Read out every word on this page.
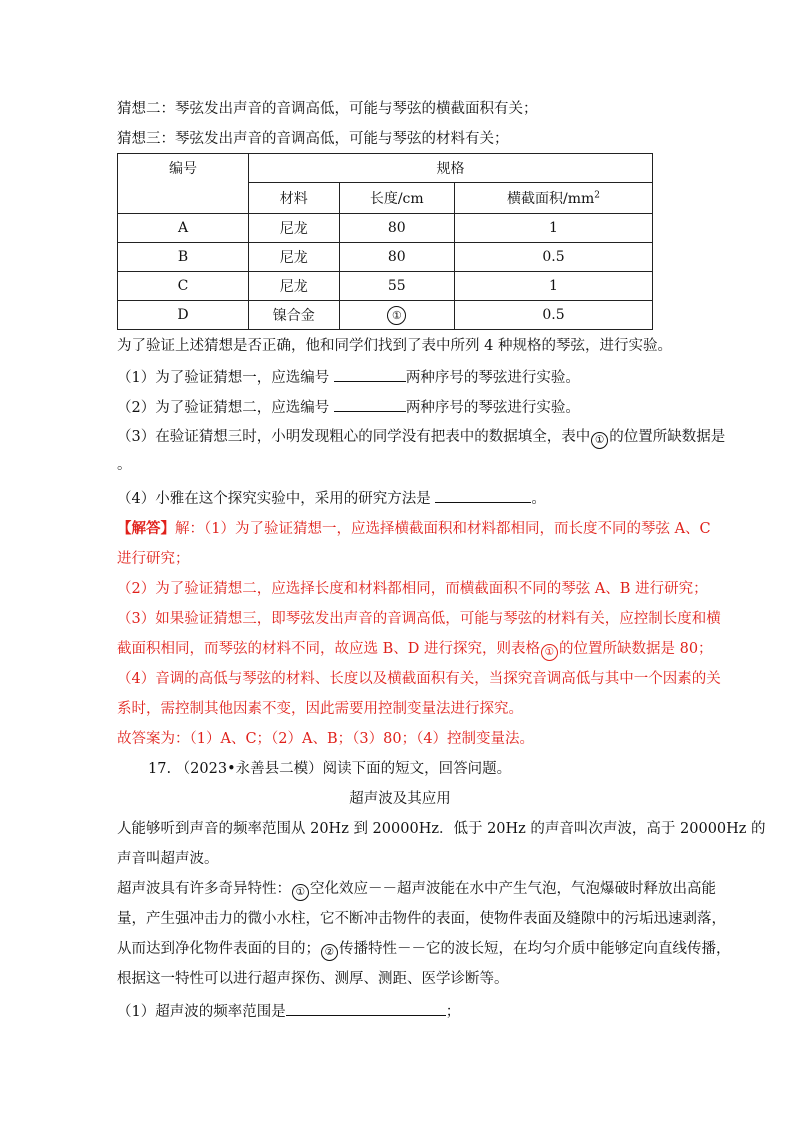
猜想二：琴弦发出声音的音调高低，可能与琴弦的横截面积有关；
猜想三：琴弦发出声音的音调高低，可能与琴弦的材料有关；
编号	规格		
	材料	长度/cm	横截面积$/mm^2$
A	尼龙	80	1
B	尼龙	80	0.5
C	尼龙	55	1
D	镍合金	①	0.5
为了验证上述猜想是否正确，他和同学们找到了表中所列 4 种规格的琴弦，进行实验。
（1）为了验证猜想一，应选编号	两种序号的琴弦进行实验。
（2）为了验证猜想二，应选编号	两种序号的琴弦进行实验。
（3）在验证猜想三时，小明发现粗心的同学没有把表中的数据填全，表中 ① 的位置所缺数据是
。
（4）小雅在这个探究实验中，采用的研究方法是	。
【解答】解：（1）为了验证猜想一，应选择横截面积和材料都相同，而长度不同的琴弦 A、C
进行研究；
（2）为了验证猜想二，应选择长度和材料都相同，而横截面积不同的琴弦 A、B 进行研究；
（3）如果验证猜想三，即琴弦发出声音的音调高低，可能与琴弦的材料有关，应控制长度和横
截面积相同，而琴弦的材料不同，故应选 B、D 进行探究，则表格 ① 的位置所缺数据是 80；
（4）音调的高低与琴弦的材料、长度以及横截面积有关，当探究音调高低与其中一个因素的关
系时，需控制其他因素不变，因此需要用控制变量法进行探究。
故答案为：（1）A、C；（2）A、B；（3）80；（4）控制变量法。
17. （2023•永善县二模）阅读下面的短文，回答问题。
超声波及其应用
人能够听到声音的频率范围从 20Hz 到 20000Hz．低于 20Hz 的声音叫次声波，高于 20000Hz 的
声音叫超声波。
超声波具有许多奇异特性： ① 空化效应－－超声波能在水中产生气泡，气泡爆破时释放出高能
量，产生强冲击力的微小水柱，它不断冲击物件的表面，使物件表面及缝隙中的污垢迅速剥落，
从而达到净化物件表面的目的； ② 传播特性－－它的波长短，在均匀介质中能够定向直线传播，
根据这一特性可以进行超声探伤、测厚、测距、医学诊断等。
（1）超声波的频率范围是	；
